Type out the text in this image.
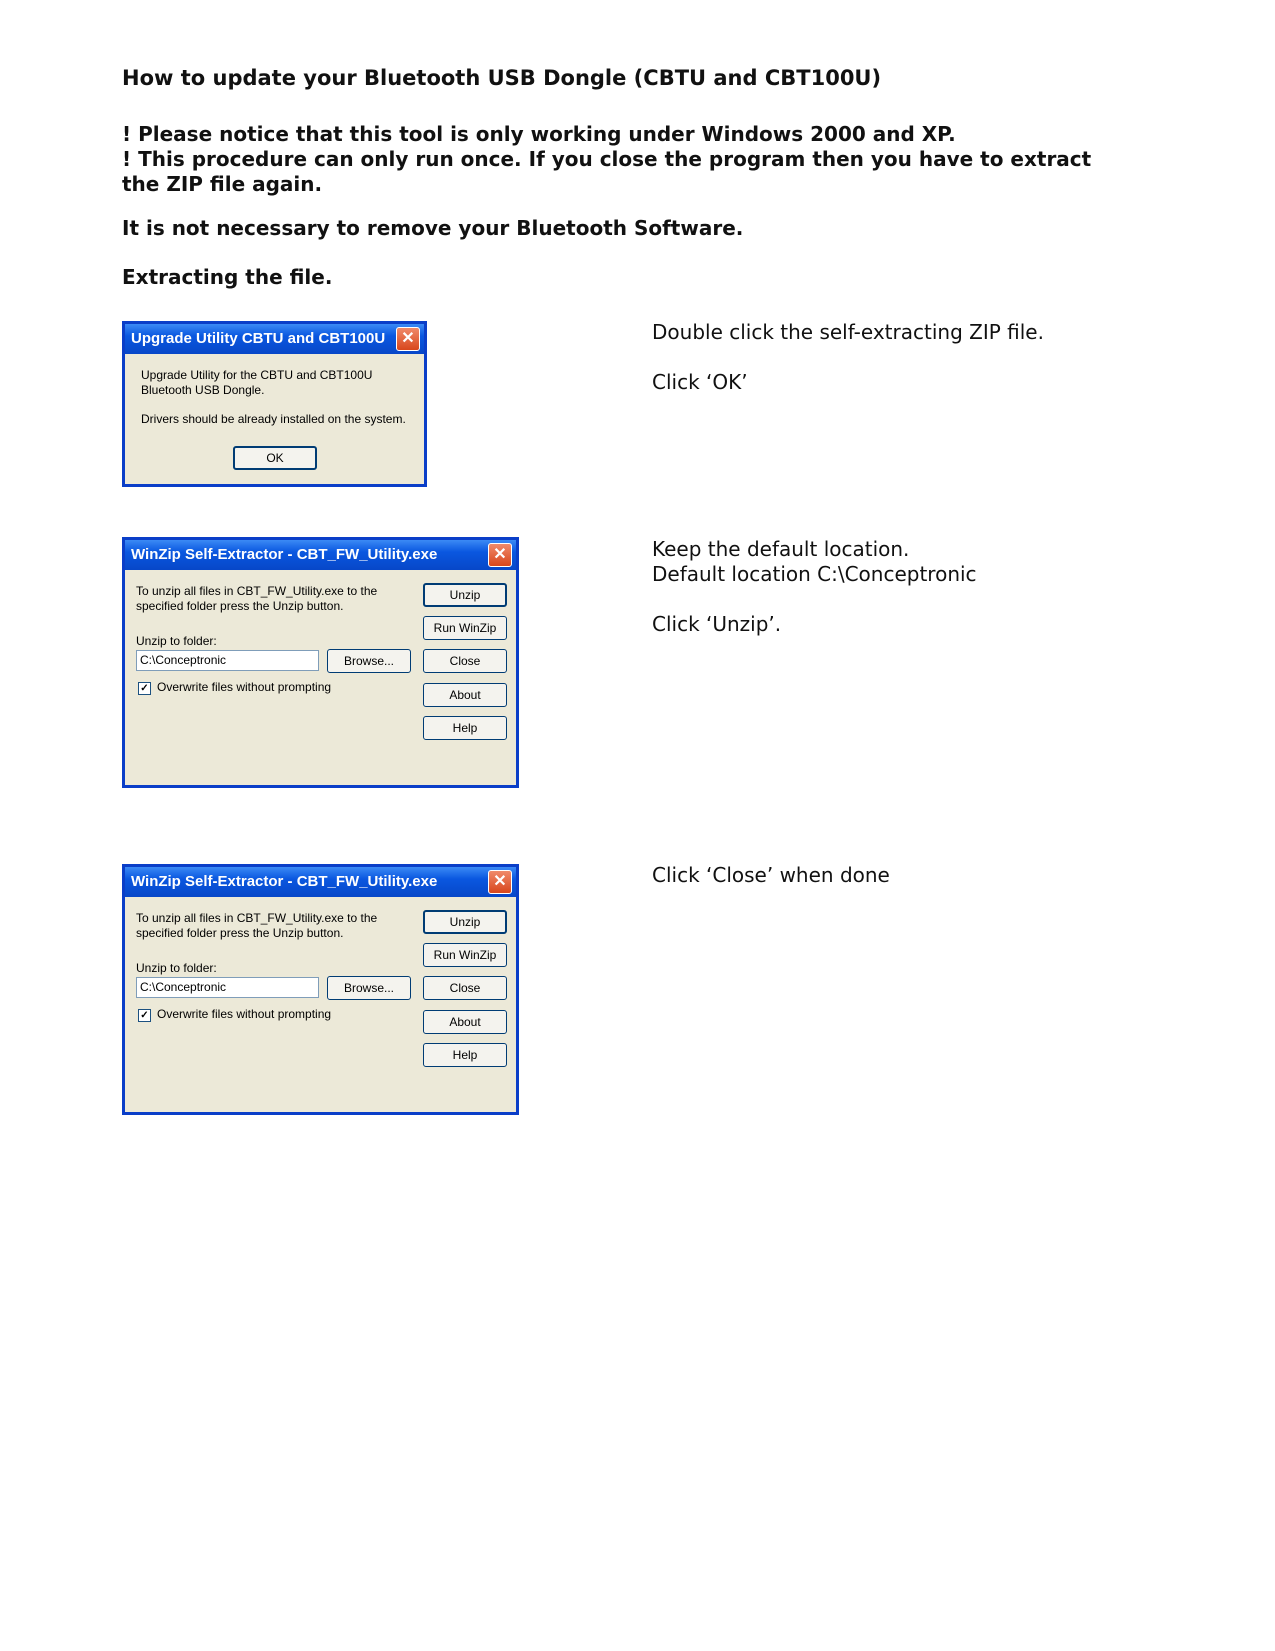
How to update your Bluetooth USB Dongle (CBTU and CBT100U)
! Please notice that this tool is only working under Windows 2000 and XP.
! This procedure can only run once. If you close the program then you have to extract the ZIP file again.
It is not necessary to remove your Bluetooth Software.
Extracting the file.
Upgrade Utility CBTU and CBT100U	✕
Upgrade Utility for the CBTU and CBT100U
Bluetooth USB Dongle.
Drivers should be already installed on the system.
OK

Double click the self-extracting ZIP file.

Click ‘OK’

WinZip Self-Extractor - CBT_FW_Utility.exe	✕
To unzip all files in CBT_FW_Utility.exe to the
specified folder press the Unzip button.
Unzip to folder:
C:\Conceptronic	Browse...
✓ Overwrite files without prompting
Unzip
Run WinZip
Close
About
Help
Keep the default location.

Default location C:\Conceptronic

Click ‘Unzip’.

WinZip Self-Extractor - CBT_FW_Utility.exe	✕
To unzip all files in CBT_FW_Utility.exe to the
specified folder press the Unzip button.
Unzip to folder:
C:\Conceptronic	Browse...
✓ Overwrite files without prompting
Unzip
Run WinZip
Close
About
Help

Click ‘Close’ when done
